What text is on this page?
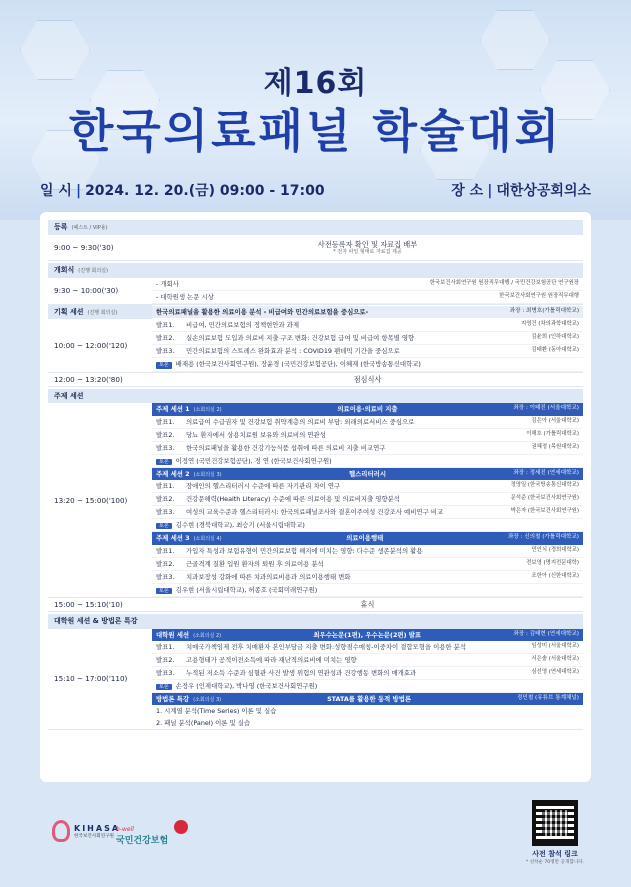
제16회
한국의료패널 학술대회
일 시 | 2024. 12. 20.(금) 09:00 - 17:00	장 소 | 대한상공회의소
등록 (패스트 / VIP용)
9:00 ~ 9:30('30)	사전등록자 확인 및 자료집 배부
* 전자 파일 형태로 자료집 제공
개회식 (진행 회의실)
9:30 ~ 10:00('30)
- 개회사	한국보건사회연구원 원장직무대행 / 국민건강보험공단 연구원장
- 대학원생 논문 시상	한국보건사회연구원 원장직무대행
기획 세션 (진행 회의실)	한국의료패널을 활용한 의료이용 분석 - 비급여와 민간의료보험을 중심으로-	좌장 : 최병호(가톨릭대학교)
10:00 ~ 12:00('120)
발표1. 비급여, 민간의료보험의 정책현안과 과제	지영건 (차의과학대학교)
발표2. 실손의료보험 도입과 의료비 지출 구조 변화: 건강보험 급여 및 비급여 항목별 영향	김윤희 (인하대학교)
발표3. 민간의료보험의 스트레스 완화효과 분석 : COVID19 팬데믹 기간을 중심으로	김태환 (동아대학교)
토론 배재용 (한국보건사회연구원), 장윤경 (국민건강보험공단), 이혜재 (한국방송통신대학교)
12:00 ~ 13:20('80)	점심식사
주제 세션
13:20 ~ 15:00('100)
주제 세션 1 (소회의실 2)	의료이용·의료비 지출	좌장 : 이태진 (서울대학교)
발표1. 의료급여 수급권자 및 건강보험 취약계층의 의료비 부담: 외래의료서비스 중심으로	김은아 (서울대학교)
발표2. 당뇨 환자에서 상용치료원 보유와 의료비의 연관성	이해호 (가톨릭대학교)
발표3. 한국의료패널을 활용한 건강기능식품 섭취에 따른 의료비 지출 비교연구	권혜정 (목원대학교)
토론 이정연 (국민건강보험공단), 정 연 (한국보건사회연구원)
주제 세션 2 (소회의실 3)	헬스리터러시	좌장 : 정세진 (연세대학교)
발표1. 장애인의 헬스리터러시 수준에 따른 자기관리 차이 연구	정영일 (한국방송통신대학교)
발표2. 건강문해력(Health Literacy) 수준에 따른 의료이용 및 의료비지출 영향분석	문석준 (한국보건사회연구원)
발표3. 여성의 교육수준과 헬스리터러시: 한국의료패널조사와 결혼이주여성 건강조사 예비연구 비교	박은자 (한국보건사회연구원)
토론 김수현 (경북대학교), 최승기 (서울시립대학교)
주제 세션 3 (소회의실 4)	의료이용행태	좌장 : 신의철 (가톨릭대학교)
발표1. 가입자 특성과 보험유형이 민간의료보험 해지에 미치는 영향: 다수준 생존분석의 활용	민인식 (경희대학교)
발표2. 근골격계 질환 입원 환자의 퇴원 후 의료이용 분석	전보영 (명지전문대학)
발표3. 치과보장성 강화에 따른 치과의료비용과 의료이용행태 변화	조한아 (신한대학교)
토론 김우현 (서울시립대학교), 허종호 (국회미래연구원)
15:00 ~ 15:10('10)	휴식
대학원 세션 & 방법론 특강
15:10 ~ 17:00('110)
대학원 세션 (소회의실 2)	최우수논문(1편), 우수논문(2편) 발표	좌장 : 김태현 (연세대학교)
발표1. 치매국가책임제 전후 치매환자 본인부담금 지출 변화:성향점수매칭-이중차이 결합모형을 이용한 분석	임성미 (서울대학교)
발표2. 고용형태가 공적이전소득에 따라 재난적의료비에 미치는 영향	서은솔 (서울대학교)
발표3. 누적된 저소득 수준과 심혈관 사건 발생 위험의 연관성과 건강행동 변화의 매개효과	심선영 (연세대학교)
토론 손정우 (인제대학교), 박나영 (한국보건사회연구원)
방법론 특강 (소회의실 3)	STATA를 활용한 동적 방법론	정민철 (유튜브 통계채널)
1. 시계열 분석(Time Series) 이론 및 실습
2. 패널 분석(Panel) 이론 및 실습
KIHASA
한국보건사회연구원
h-well
국민건강보험
사전 참석 링크
* 선착순 70명만 공개합니다.
